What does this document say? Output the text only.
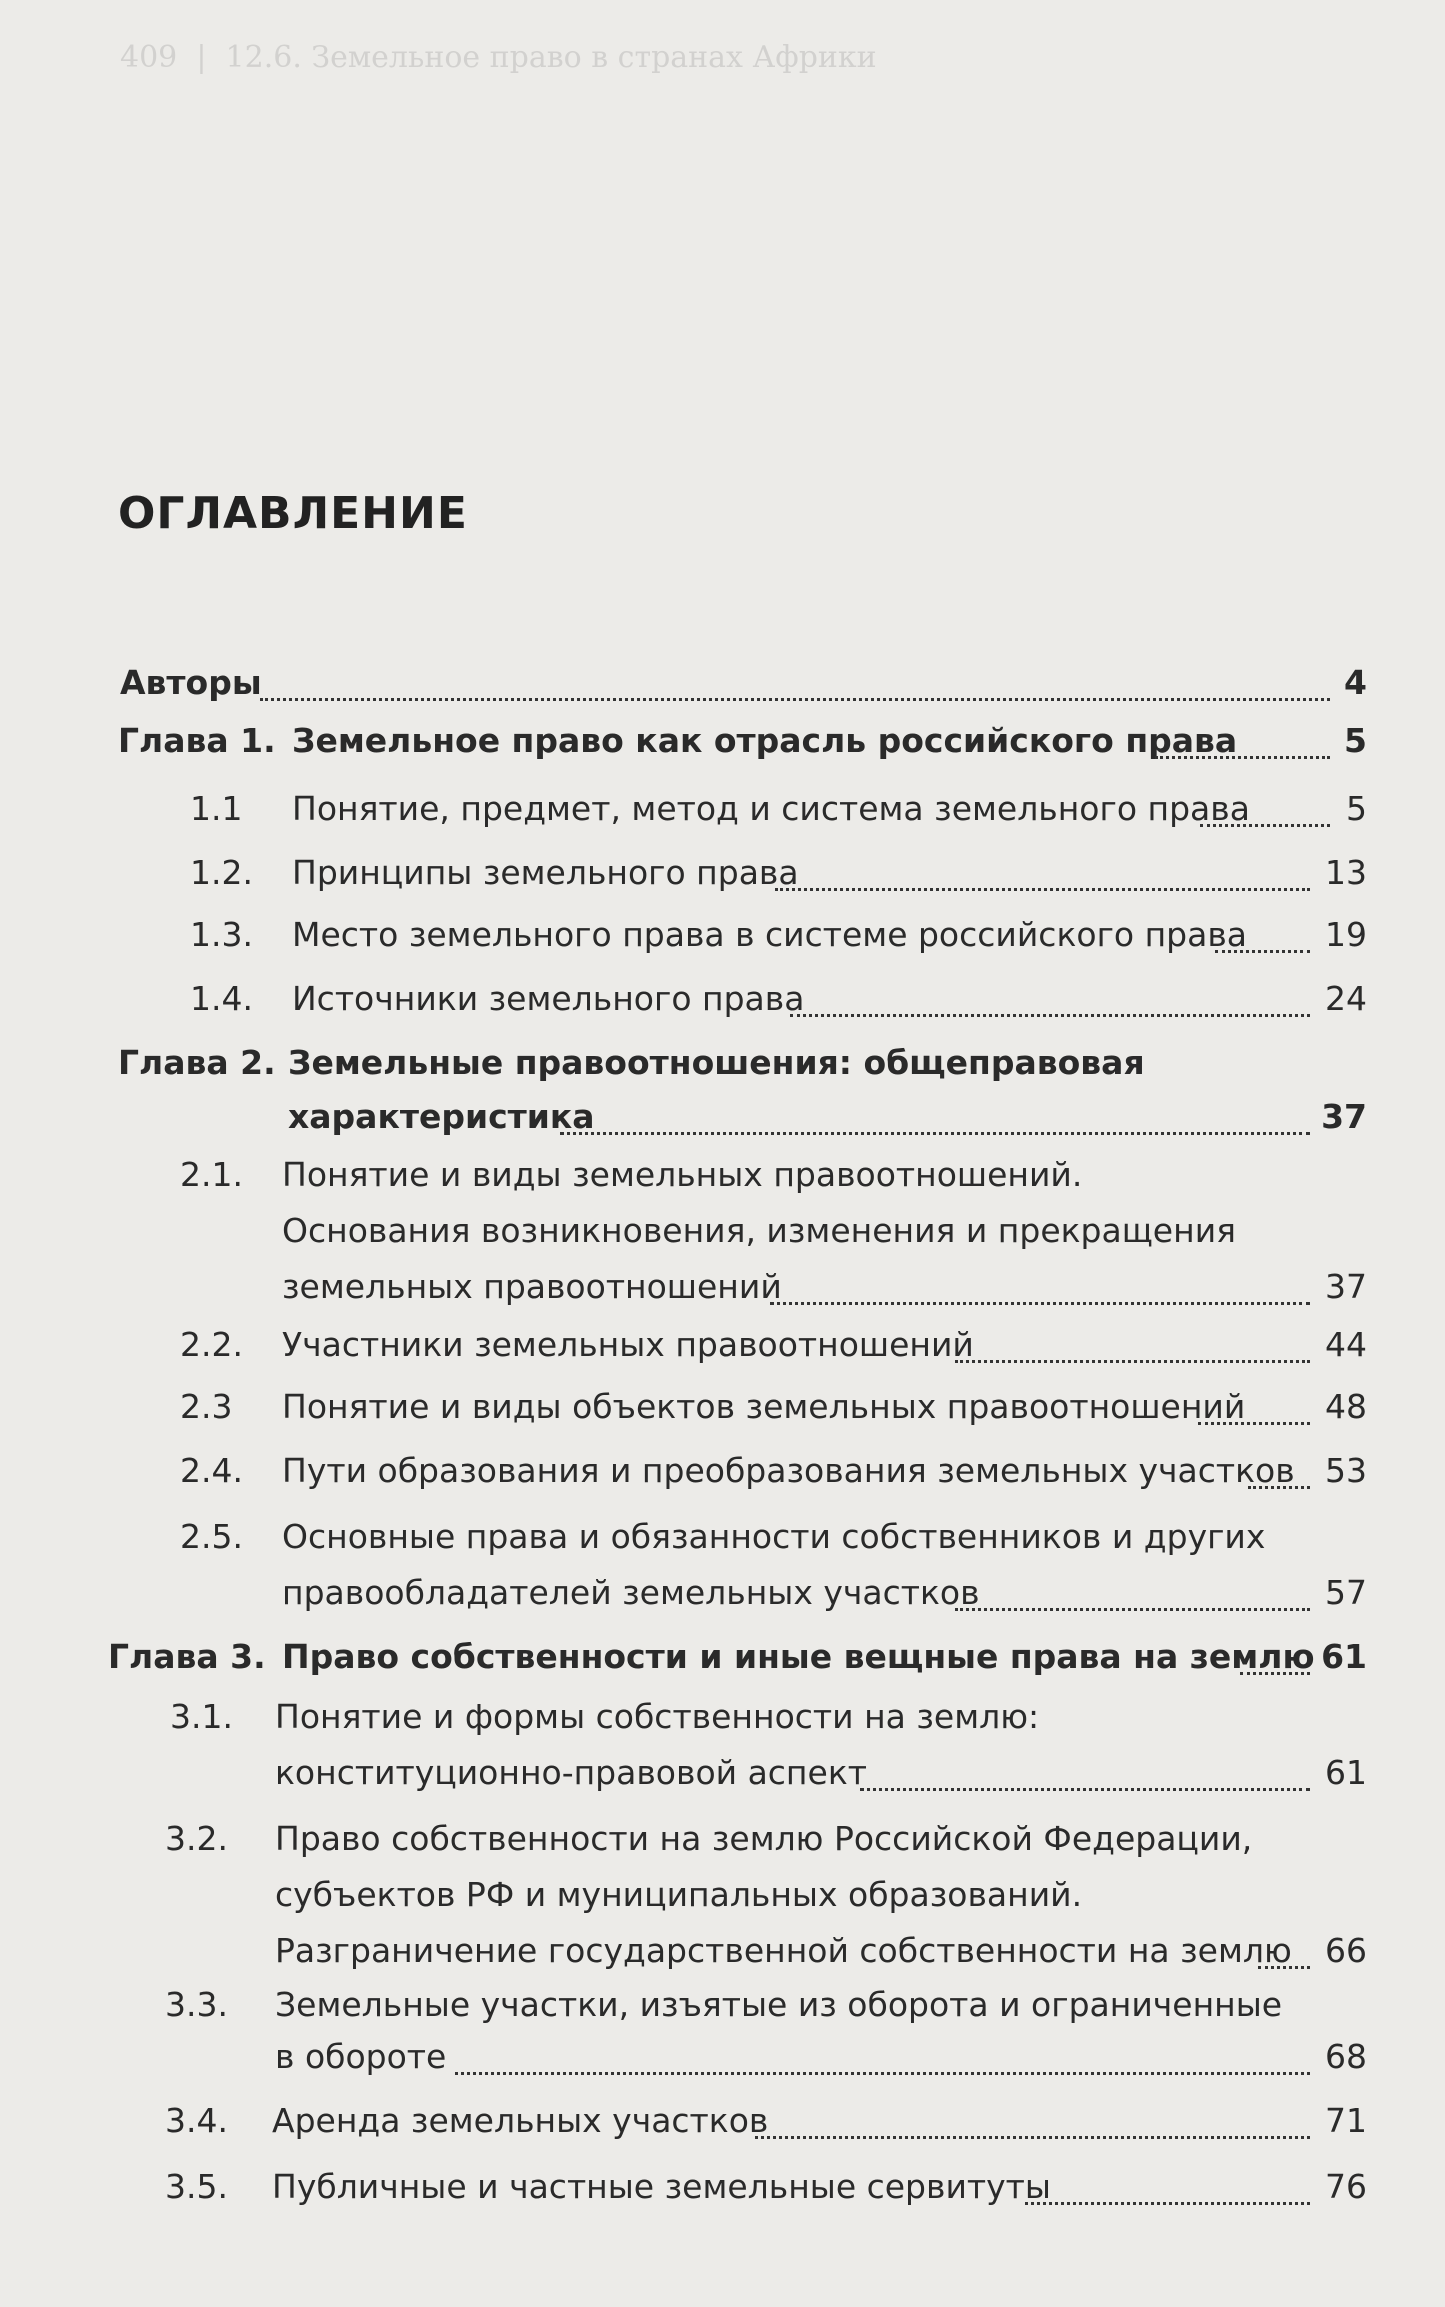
409  |  12.6. Земельное право в странах Африки
ОГЛАВЛЕНИЕ
Авторы	4
Глава 1. Земельное право как отрасль российского права	5
1.1 Понятие, предмет, метод и система земельного права	5
1.2. Принципы земельного права	13
1.3. Место земельного права в системе российского права 19
1.4. Источники земельного права	24
Глава 2. Земельные правоотношения: общеправовая
характеристика	37
2.1. Понятие и виды земельных правоотношений.
Основания возникновения, изменения и прекращения
земельных правоотношений	37
2.2. Участники земельных правоотношений	44
2.3 Понятие и виды объектов земельных правоотношений 48
2.4. Пути образования и преобразования земельных участков 53
2.5. Основные права и обязанности собственников и других
правообладателей земельных участков	57
Глава 3. Право собственности и иные вещные права на землю 61
3.1. Понятие и формы собственности на землю:
конституционно-правовой аспект	61
3.2. Право собственности на землю Российской Федерации,
субъектов РФ и муниципальных образований.
Разграничение государственной собственности на землю 66
3.3. Земельные участки, изъятые из оборота и ограниченные
в обороте	68
3.4. Аренда земельных участков	71
3.5. Публичные и частные земельные сервитуты	76
